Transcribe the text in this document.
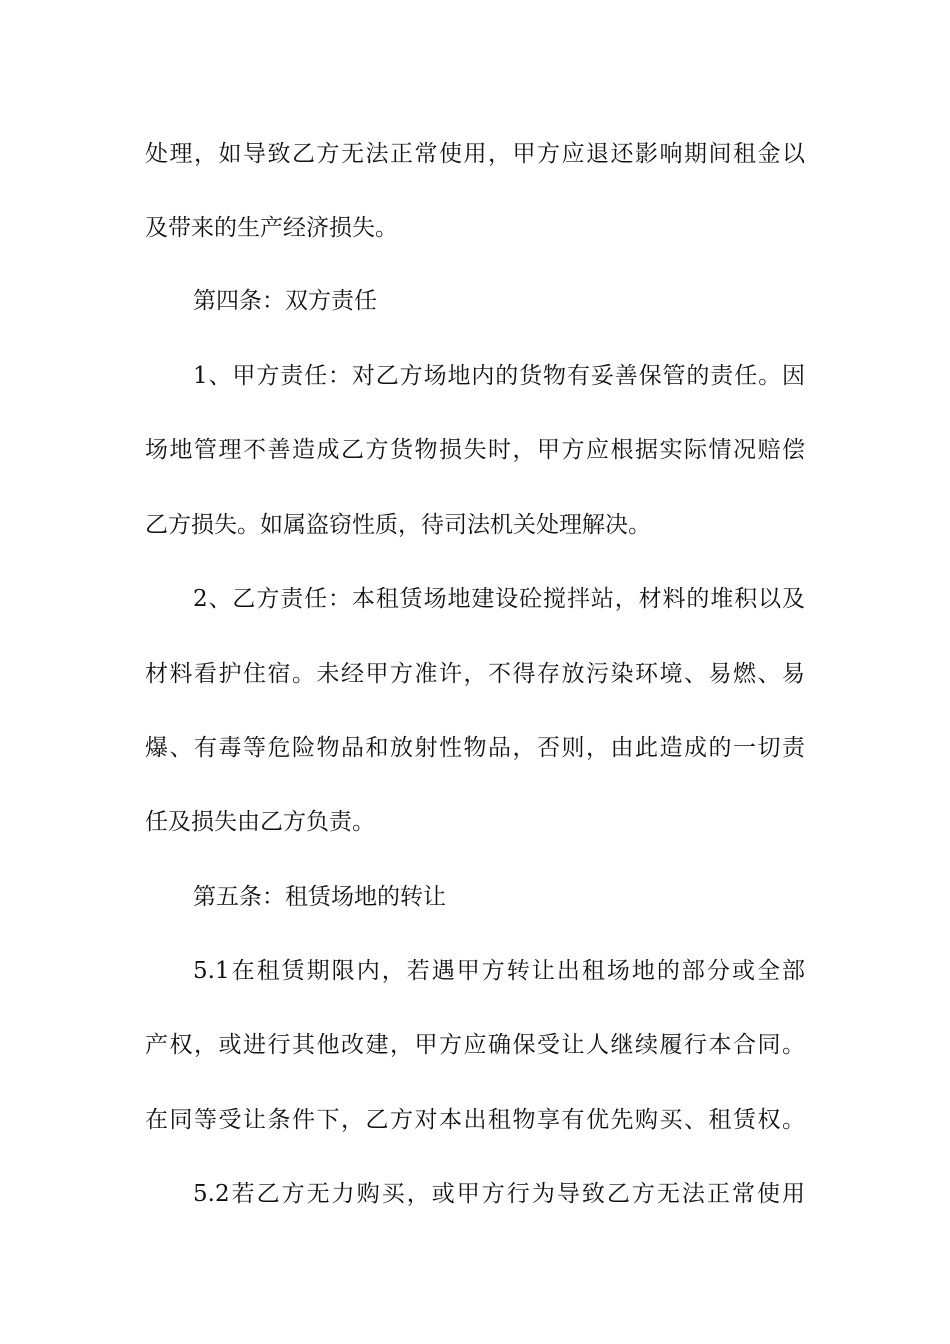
处理，如导致乙方无法正常使用，甲方应退还影响期间租金以
及带来的生产经济损失。
第四条：双方责任
1、甲方责任：对乙方场地内的货物有妥善保管的责任。因
场地管理不善造成乙方货物损失时，甲方应根据实际情况赔偿
乙方损失。如属盗窃性质，待司法机关处理解决。
2、乙方责任：本租赁场地建设砼搅拌站，材料的堆积以及
材料看护住宿。未经甲方准许，不得存放污染环境、易燃、易
爆、有毒等危险物品和放射性物品，否则，由此造成的一切责
任及损失由乙方负责。
第五条：租赁场地的转让
5.1在租赁期限内，若遇甲方转让出租场地的部分或全部
产权，或进行其他改建，甲方应确保受让人继续履行本合同。
在同等受让条件下，乙方对本出租物享有优先购买、租赁权。
5.2若乙方无力购买，或甲方行为导致乙方无法正常使用
